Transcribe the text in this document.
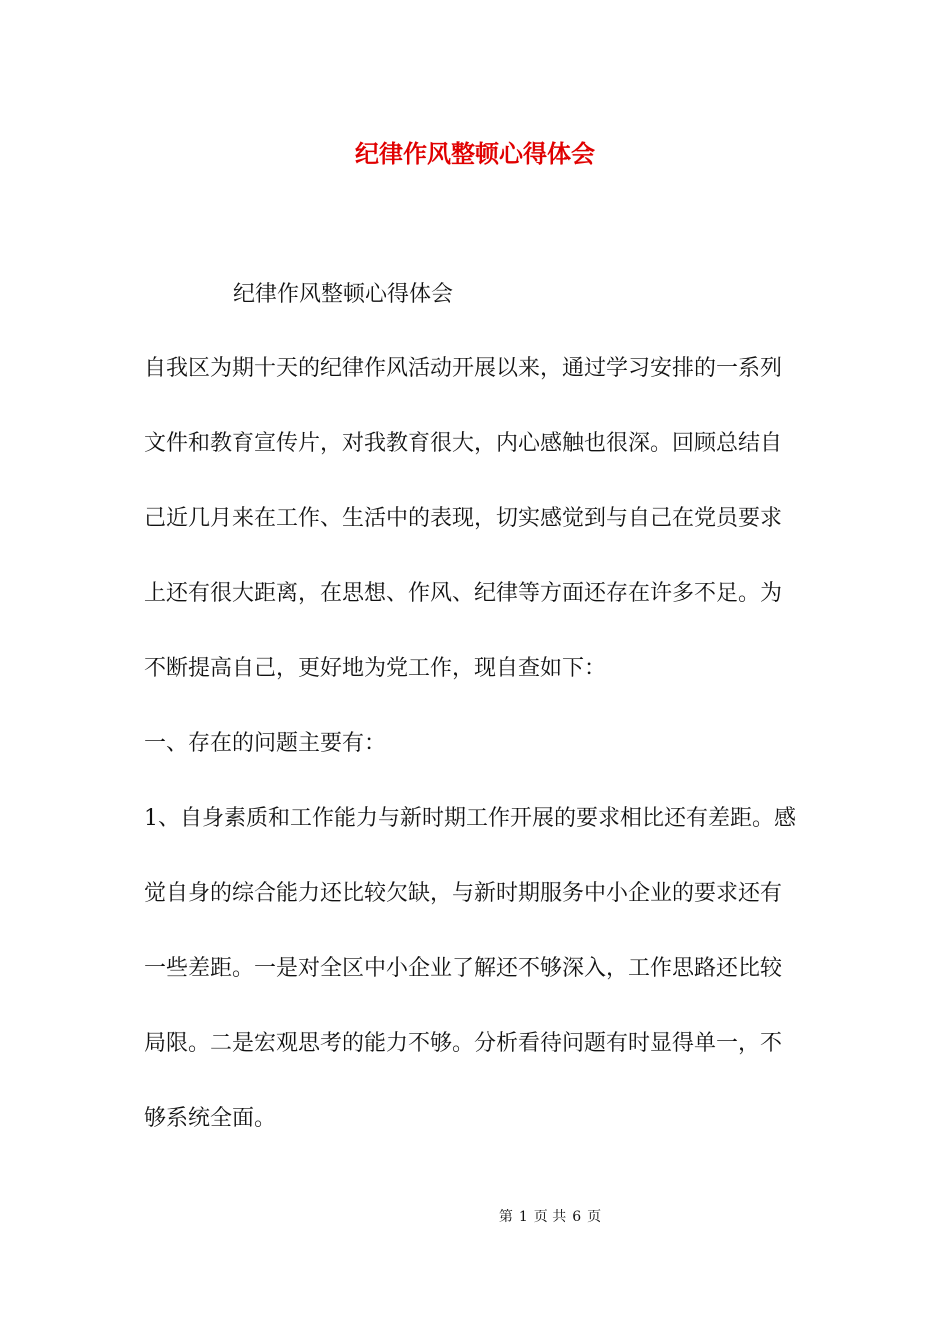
纪律作风整顿心得体会
纪律作风整顿心得体会
自我区为期十天的纪律作风活动开展以来，通过学习安排的一系列
文件和教育宣传片，对我教育很大，内心感触也很深。回顾总结自
己近几月来在工作、生活中的表现，切实感觉到与自己在党员要求
上还有很大距离，在思想、作风、纪律等方面还存在许多不足。为
不断提高自己，更好地为党工作，现自查如下：
一、存在的问题主要有：
1、自身素质和工作能力与新时期工作开展的要求相比还有差距。感
觉自身的综合能力还比较欠缺，与新时期服务中小企业的要求还有
一些差距。一是对全区中小企业了解还不够深入，工作思路还比较
局限。二是宏观思考的能力不够。分析看待问题有时显得单一，不
够系统全面。
第 1 页 共 6 页
